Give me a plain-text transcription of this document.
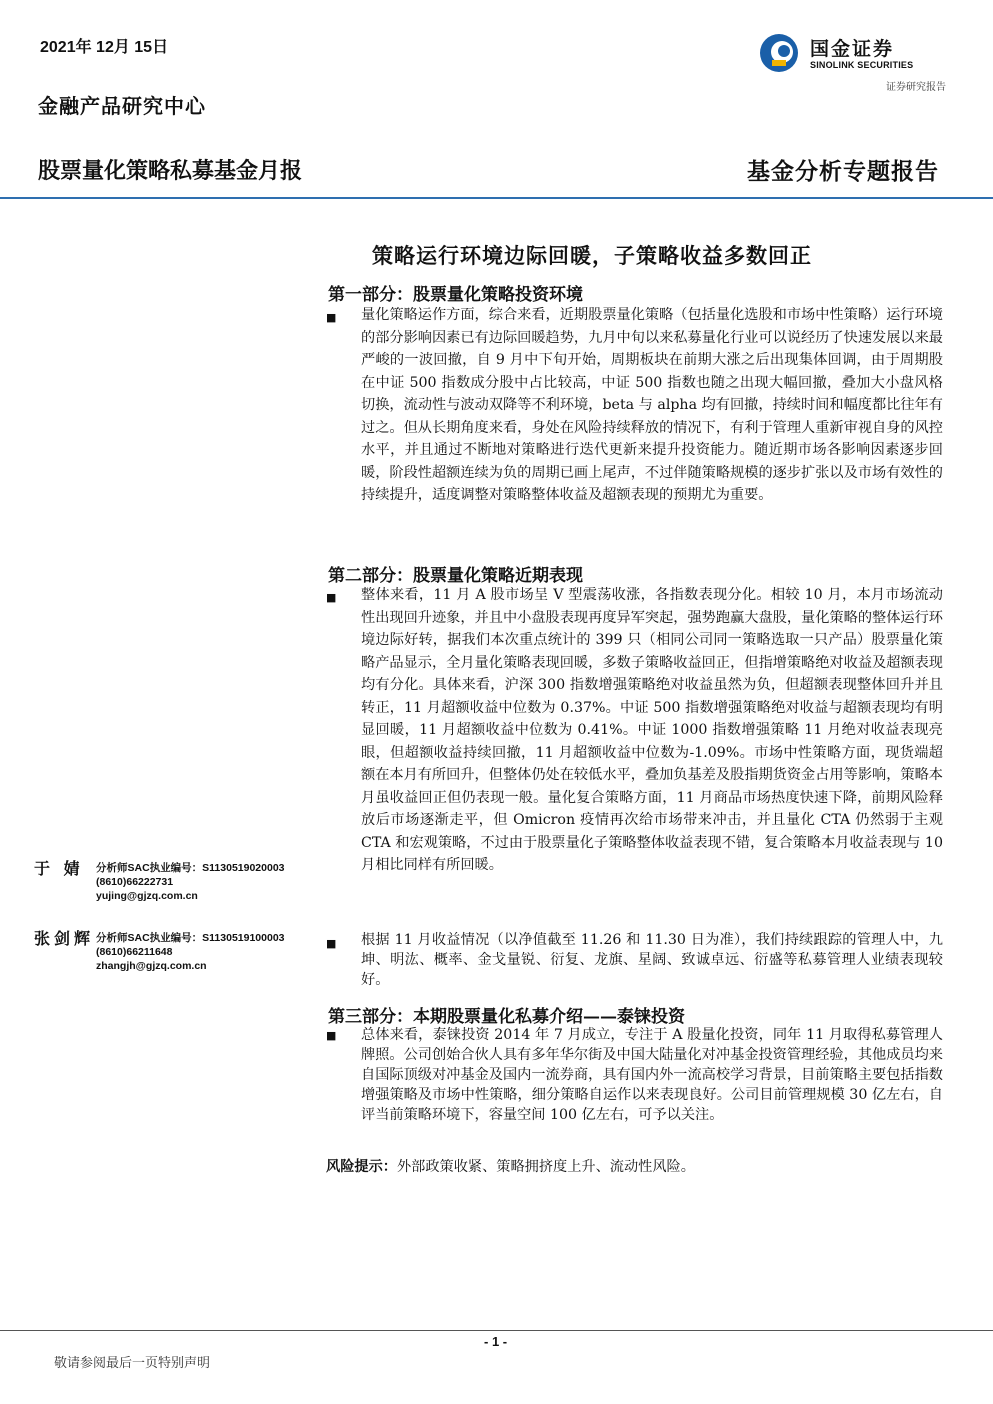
2021年 12月 15日
金融产品研究中心
股票量化策略私募基金月报	基金分析专题报告
国金证券
SINOLINK SECURITIES
证券研究报告
策略运行环境边际回暖，子策略收益多数回正
第一部分：股票量化策略投资环境
■ 量化策略运作方面，综合来看，近期股票量化策略（包括量化选股和市场中性策略）运行环境的部分影响因素已有边际回暖趋势，九月中旬以来私募量化行业可以说经历了快速发展以来最严峻的一波回撤，自 9 月中下旬开始，周期板块在前期大涨之后出现集体回调，由于周期股在中证 500 指数成分股中占比较高，中证 500 指数也随之出现大幅回撤，叠加大小盘风格切换，流动性与波动双降等不利环境，beta 与 alpha 均有回撤，持续时间和幅度都比往年有过之。但从长期角度来看，身处在风险持续释放的情况下，有利于管理人重新审视自身的风控水平，并且通过不断地对策略进行迭代更新来提升投资能力。随近期市场各影响因素逐步回暖，阶段性超额连续为负的周期已画上尾声，不过伴随策略规模的逐步扩张以及市场有效性的持续提升，适度调整对策略整体收益及超额表现的预期尤为重要。
第二部分：股票量化策略近期表现
■ 整体来看，11 月 A 股市场呈 V 型震荡收涨，各指数表现分化。相较 10 月，本月市场流动性出现回升迹象，并且中小盘股表现再度异军突起，强势跑赢大盘股，量化策略的整体运行环境边际好转，据我们本次重点统计的 399 只（相同公司同一策略选取一只产品）股票量化策略产品显示，全月量化策略表现回暖，多数子策略收益回正，但指增策略绝对收益及超额表现均有分化。具体来看，沪深 300 指数增强策略绝对收益虽然为负，但超额表现整体回升并且转正，11 月超额收益中位数为 0.37%。中证 500 指数增强策略绝对收益与超额表现均有明显回暖，11 月超额收益中位数为 0.41%。中证 1000 指数增强策略 11 月绝对收益表现亮眼，但超额收益持续回撤，11 月超额收益中位数为-1.09%。市场中性策略方面，现货端超额在本月有所回升，但整体仍处在较低水平，叠加负基差及股指期货资金占用等影响，策略本月虽收益回正但仍表现一般。量化复合策略方面，11 月商品市场热度快速下降，前期风险释放后市场逐渐走平，但 Omicron 疫情再次给市场带来冲击，并且量化 CTA 仍然弱于主观 CTA 和宏观策略，不过由于股票量化子策略整体收益表现不错，复合策略本月收益表现与 10 月相比同样有所回暖。
■ 根据 11 月收益情况（以净值截至 11.26 和 11.30 日为准），我们持续跟踪的管理人中，九坤、明汯、概率、金戈量锐、衍复、龙旗、星阔、致诚卓远、衍盛等私募管理人业绩表现较好。
第三部分：本期股票量化私募介绍——泰铼投资
■ 总体来看，泰铼投资 2014 年 7 月成立，专注于 A 股量化投资，同年 11 月取得私募管理人牌照。公司创始合伙人具有多年华尔街及中国大陆量化对冲基金投资管理经验，其他成员均来自国际顶级对冲基金及国内一流券商，具有国内外一流高校学习背景，目前策略主要包括指数增强策略及市场中性策略，细分策略自运作以来表现良好。公司目前管理规模 30 亿左右，自评当前策略环境下，容量空间 100 亿左右，可予以关注。
风险提示：外部政策收紧、策略拥挤度上升、流动性风险。
于 婧 分析师SAC执业编号：S1130519020003
(8610)66222731
yujing@gjzq.com.cn
张剑辉 分析师SAC执业编号：S1130519100003
(8610)66211648
zhangjh@gjzq.com.cn
- 1 -
敬请参阅最后一页特别声明
